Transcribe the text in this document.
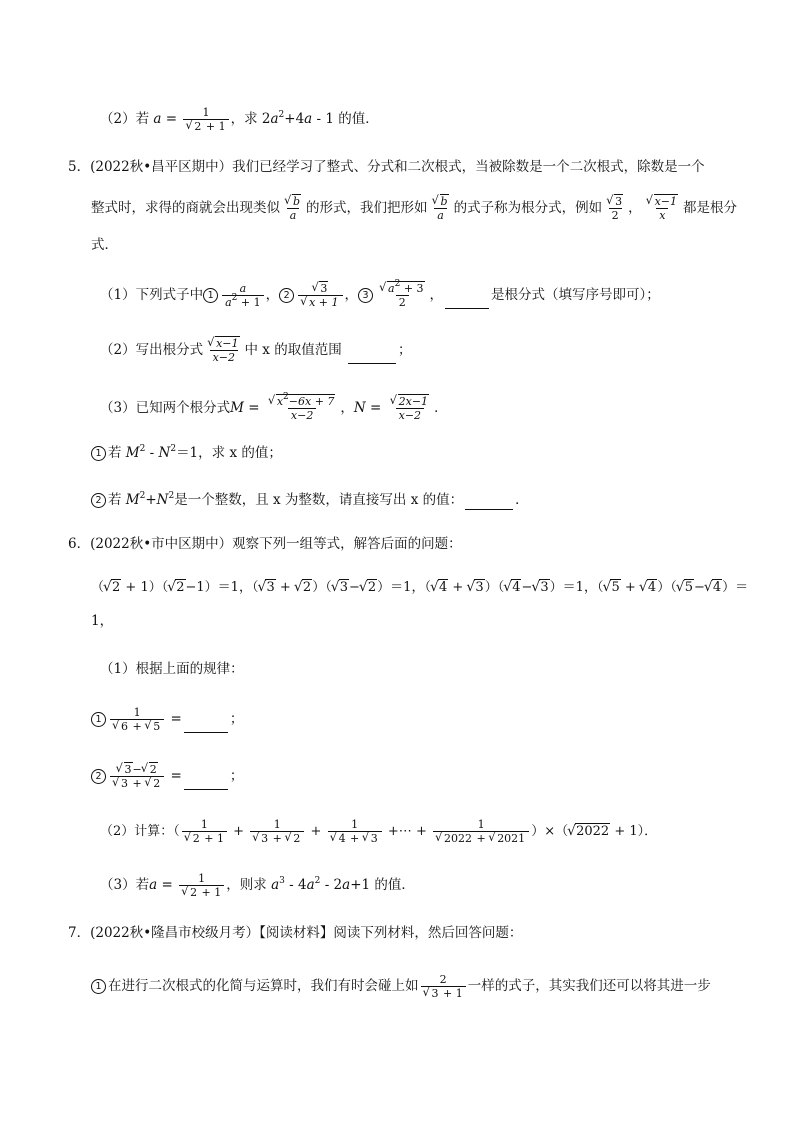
（2）若 a = 1
√ 2 + 1 ，求 $2a^2+4a - 1$ 的值．
5．(2022秋•昌平区期中）我们已经学习了整式、分式和二次根式，当被除数是一个二次根式，除数是一个
整式时，求得的商就会出现类似 √ $\frac{b}{a}$ 的形式，我们把形如 √ $\frac{b}{a}$ 的式子称为根分式，例如 √ $\frac{3}{2}$ ， √ $\frac{x-1}{x}$ 都是根分
式．
（1）下列式子中 $1 \frac{a}{a^2 + 1}$ ， 2 √ 3
√ x + 1 ， 3 √ $\frac{a^2 + 3}{2}$ ，	是根分式（填写序号即可）；
（2）写出根分式 √ $\frac{x-1}{x-2}$ 中 x 的取值范围	；
（3）已知两个根分式M = √ $\frac{x^2-6x + 7}{x-2}$ ，N = √ $\frac{2x-1}{x-2}$ ．
1 若 $M^2 - N^2=1$，求 x 的值；
2 若 $M^2+N^2$是一个整数，且 x 为整数，请直接写出 x 的值：	．
6．(2022秋•市中区期中）观察下列一组等式，解答后面的问题：
（ √ 2 + 1）（ √ 2−1）＝1，（ √ 3 + √ 2）（ √ 3− √ 2）＝1，（ √ 4 + √ 3）（ √ 4− √ 3）＝1，（ √ 5 + √ 4）（ √ 5− √ 4）＝
1，
（1）根据上面的规律：
1 1
√ 6 + √ 5 =	；
2 √ 3− √ 2
√ 3 + √ 2 =	；
（2）计算：（ 1
√ 2 + 1 + 1
√ 3 + √ 2 + 1
√ 4 + √ 3 +⋯ + 1
√ 2022 + √ 2021 ）×（ √ 2022 + 1）．
（3）若a = 1
√ 2 + 1 ，则求 $a^3 - 4a^2 - 2a+1$ 的值．
7．(2022秋•隆昌市校级月考）【阅读材料】阅读下列材料，然后回答问题：
1 在进行二次根式的化简与运算时，我们有时会碰上如 2
√ 3 + 1 一样的式子，其实我们还可以将其进一步
